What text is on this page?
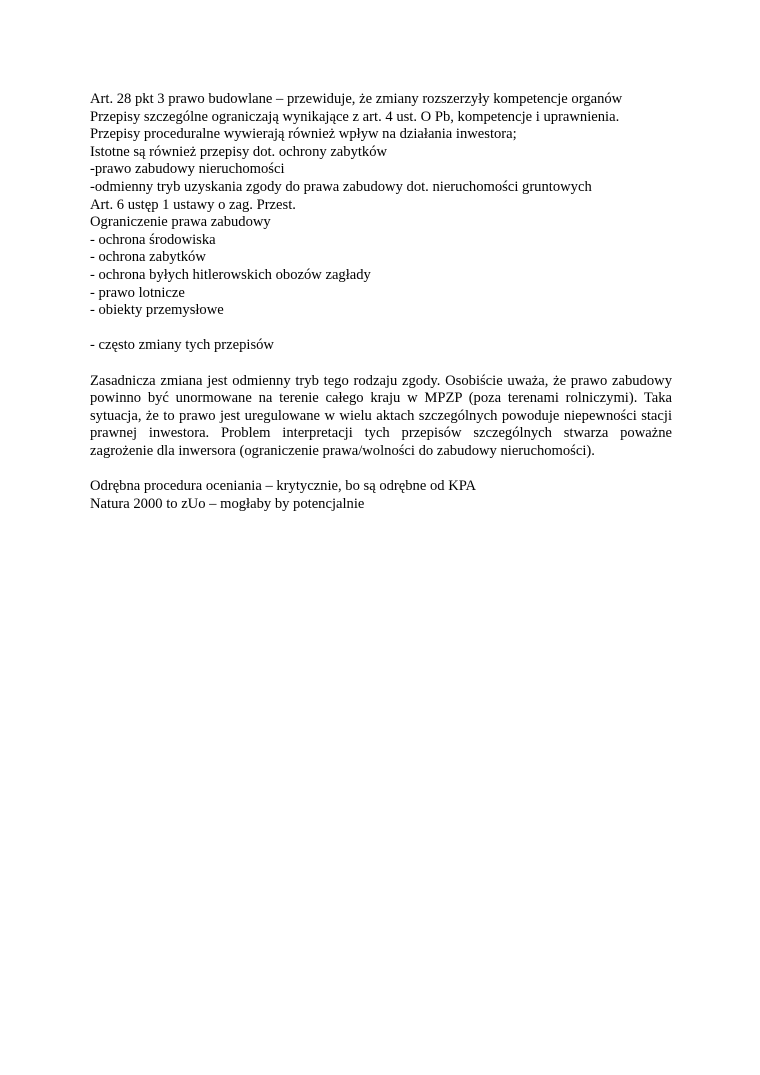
Art. 28 pkt 3 prawo budowlane – przewiduje, że zmiany rozszerzyły kompetencje organów

Przepisy szczególne ograniczają wynikające z art. 4 ust. O Pb, kompetencje i uprawnienia.

Przepisy proceduralne wywierają również wpływ na działania inwestora;

Istotne są również przepisy dot. ochrony zabytków

-prawo zabudowy nieruchomości

-odmienny tryb uzyskania zgody do prawa zabudowy dot. nieruchomości gruntowych

Art. 6 ustęp 1 ustawy o zag. Przest.

Ograniczenie prawa zabudowy

- ochrona środowiska

- ochrona zabytków

- ochrona byłych hitlerowskich obozów zagłady

- prawo lotnicze

- obiekty przemysłowe

- często zmiany tych przepisów

Zasadnicza zmiana jest odmienny tryb tego rodzaju zgody. Osobiście uważa, że prawo zabudowy powinno być unormowane na terenie całego kraju w MPZP (poza terenami rolniczymi). Taka sytuacja, że to prawo jest uregulowane w wielu aktach szczególnych powoduje niepewności stacji prawnej inwestora. Problem interpretacji tych przepisów szczególnych stwarza poważne zagrożenie dla inwersora (ograniczenie prawa/wolności do zabudowy nieruchomości).

Odrębna procedura oceniania – krytycznie, bo są odrębne od KPA

Natura 2000 to zUo – mogłaby by potencjalnie
